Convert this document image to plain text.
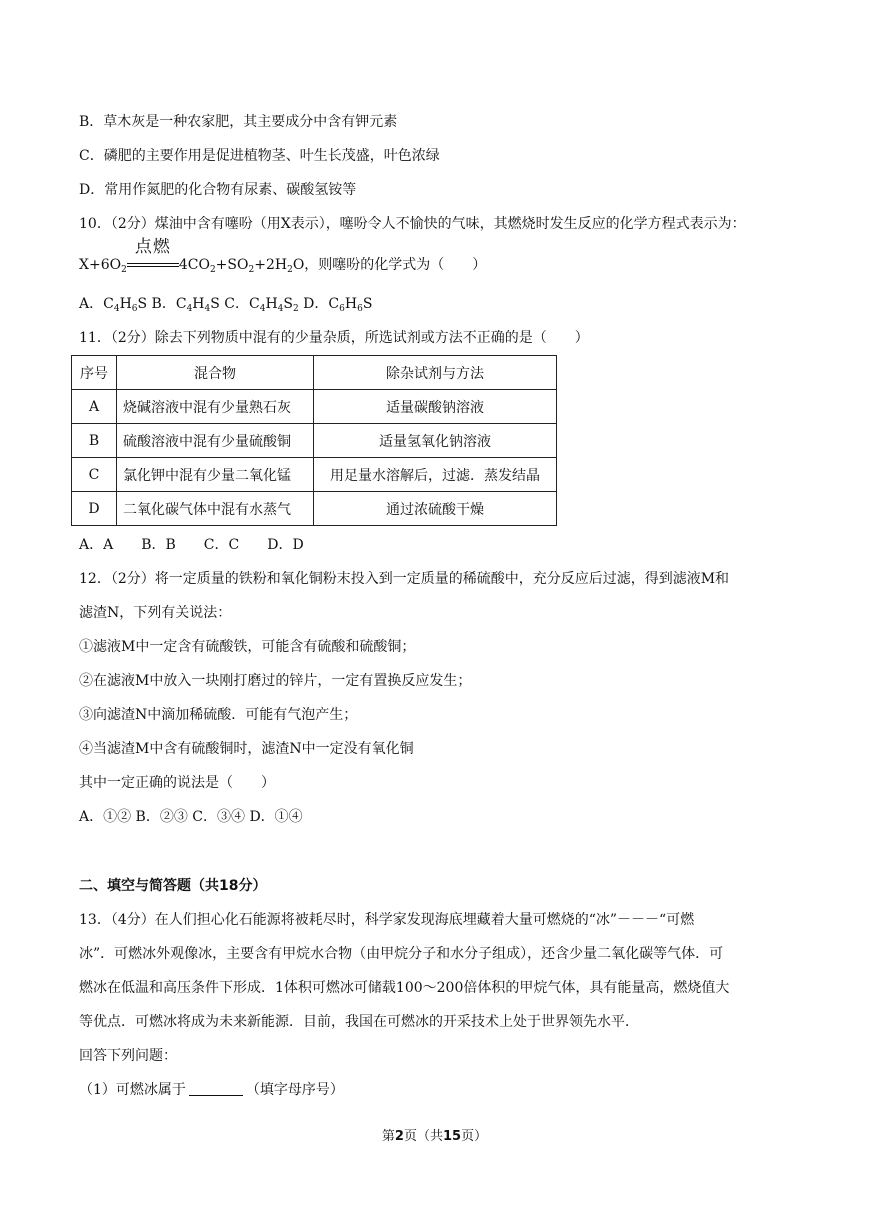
B．草木灰是一种农家肥，其主要成分中含有钾元素
C．磷肥的主要作用是促进植物茎、叶生长茂盛，叶色浓绿
D．常用作氮肥的化合物有尿素、碳酸氢铵等
10．（2分）煤油中含有噻吩（用X表示），噻吩令人不愉快的气味，其燃烧时发生反应的化学方程式表示为：
$X+6O_2$
点燃
$4CO_2+SO_2+2H_2O$，则噻吩的化学式为（　　）
A．$C_4H_6S$ B．$C_4H_4S$ C．$C_4H_4S_2$ D．$C_6H_6S$
11．（2分）除去下列物质中混有的少量杂质，所选试剂或方法不正确的是（　　）
序号	混合物	除杂试剂与方法
A	烧碱溶液中混有少量熟石灰	适量碳酸钠溶液
B	硫酸溶液中混有少量硫酸铜	适量氢氧化钠溶液
C	氯化钾中混有少量二氧化锰	用足量水溶解后，过滤．蒸发结晶
D	二氧化碳气体中混有水蒸气	通过浓硫酸干燥
A．A　　B．B　　C．C　　D．D
12．（2分）将一定质量的铁粉和氧化铜粉末投入到一定质量的稀硫酸中，充分反应后过滤，得到滤液M和
滤渣N，下列有关说法：
①滤液M中一定含有硫酸铁，可能含有硫酸和硫酸铜；
②在滤液M中放入一块刚打磨过的锌片，一定有置换反应发生；
③向滤渣N中滴加稀硫酸．可能有气泡产生；
④当滤渣M中含有硫酸铜时，滤渣N中一定没有氧化铜
其中一定正确的说法是（　　）
A．①② B．②③ C．③④ D．①④
二、填空与简答题（共18分）
13．（4分）在人们担心化石能源将被耗尽时，科学家发现海底埋藏着大量可燃烧的“冰”－－－“可燃
冰”．可燃冰外观像冰，主要含有甲烷水合物（由甲烷分子和水分子组成），还含少量二氧化碳等气体．可
燃冰在低温和高压条件下形成．1体积可燃冰可储载100～200倍体积的甲烷气体，具有能量高，燃烧值大
等优点．可燃冰将成为未来新能源．目前，我国在可燃冰的开采技术上处于世界领先水平．
回答下列问题：
（1）可燃冰属于	（填字母序号）
第2页（共15页）
